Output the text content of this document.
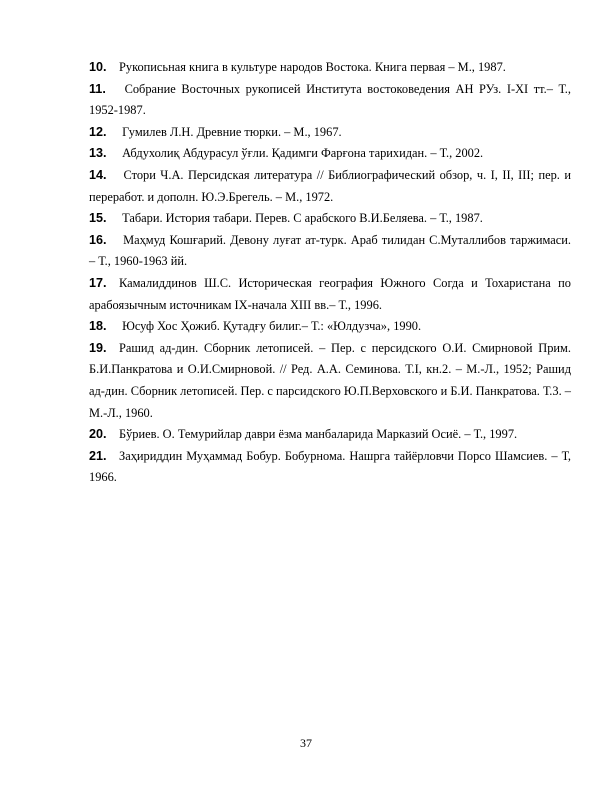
10. Рукописьная книга в культуре народов Востока. Книга первая – М., 1987.

11. Собрание Восточных рукописей Института востоковедения АН РУз. I-XI тт.– Т., 1952-1987.

12. Гумилев Л.Н. Древние тюрки. – М., 1967.

13. Абдухолиқ Абдурасул ўғли. Қадимги Фарғона тарихидан. – Т., 2002.

14. Стори Ч.А. Персидская литература // Библиографический обзор, ч. I, II, III; пер. и переработ. и дополн. Ю.Э.Брегель. – М., 1972.

15. Табари. История табари. Перев. С арабского В.И.Беляева. – Т., 1987.

16. Маҳмуд Кошғарий. Девону луғат ат-турк. Араб тилидан С.Муталлибов таржимаси. – Т., 1960-1963 йй.

17. Камалиддинов Ш.С. Историческая география Южного Согда и Тохаристана по арабоязычным источникам IX-начала XIII вв.– Т., 1996.

18. Юсуф Хос Ҳожиб. Қутадғу билиг.– Т.: «Юлдузча», 1990.

19. Рашид ад-дин. Сборник летописей. – Пер. с персидского О.И. Смирновой Прим. Б.И.Панкратова и О.И.Смирновой. // Ред. А.А. Семинова. Т.I, кн.2. – М.-Л., 1952; Рашид ад-дин. Сборник летописей. Пер. с парсидского Ю.П.Верховского и Б.И. Панкратова. Т.3. – М.-Л., 1960.

20. Бўриев. О. Темурийлар даври ёзма манбаларида Марказий Осиё. – Т., 1997.

21. Заҳириддин Муҳаммад Бобур. Бобурнома. Нашрга тайёрловчи Порсо Шамсиев. – Т, 1966.

37
